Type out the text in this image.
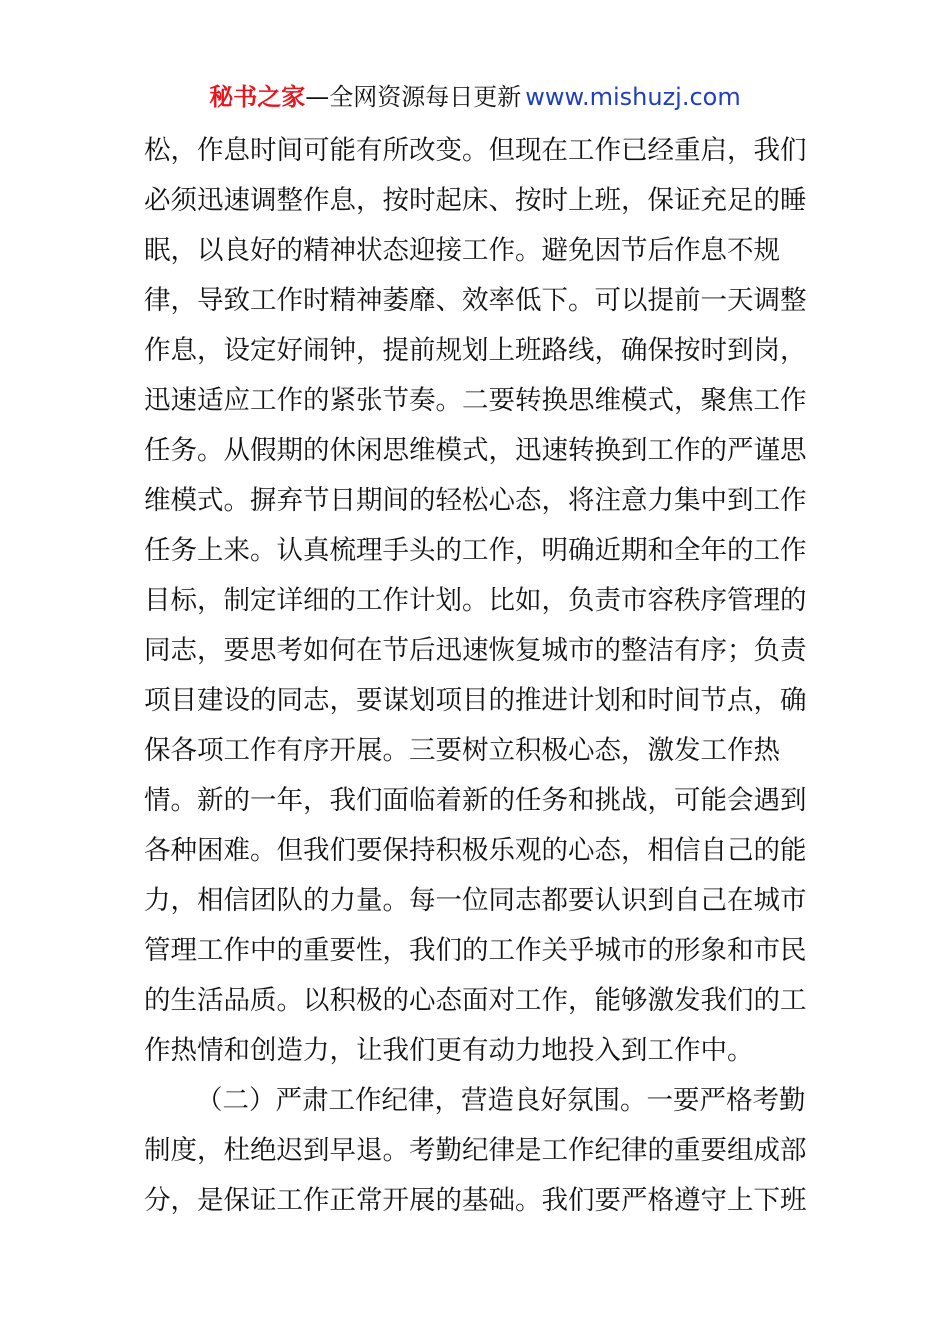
秘书之家—全网资源每日更新 www.mishuzj.com
松，作息时间可能有所改变。但现在工作已经重启，我们
必须迅速调整作息，按时起床、按时上班，保证充足的睡
眠，以良好的精神状态迎接工作。避免因节后作息不规
律，导致工作时精神萎靡、效率低下。可以提前一天调整
作息，设定好闹钟，提前规划上班路线，确保按时到岗，
迅速适应工作的紧张节奏。二要转换思维模式，聚焦工作
任务。从假期的休闲思维模式，迅速转换到工作的严谨思
维模式。摒弃节日期间的轻松心态，将注意力集中到工作
任务上来。认真梳理手头的工作，明确近期和全年的工作
目标，制定详细的工作计划。比如，负责市容秩序管理的
同志，要思考如何在节后迅速恢复城市的整洁有序；负责
项目建设的同志，要谋划项目的推进计划和时间节点，确
保各项工作有序开展。三要树立积极心态，激发工作热
情。新的一年，我们面临着新的任务和挑战，可能会遇到
各种困难。但我们要保持积极乐观的心态，相信自己的能
力，相信团队的力量。每一位同志都要认识到自己在城市
管理工作中的重要性，我们的工作关乎城市的形象和市民
的生活品质。以积极的心态面对工作，能够激发我们的工
作热情和创造力，让我们更有动力地投入到工作中。
（二）严肃工作纪律，营造良好氛围。一要严格考勤
制度，杜绝迟到早退。考勤纪律是工作纪律的重要组成部
分，是保证工作正常开展的基础。我们要严格遵守上下班
